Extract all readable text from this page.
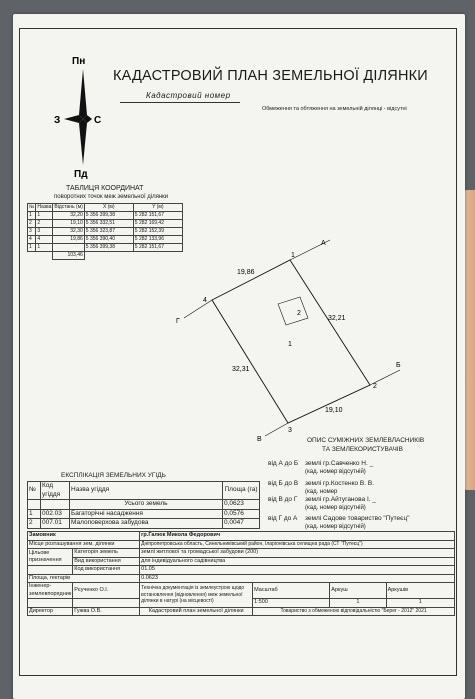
Пн
Пд
З	С
КАДАСТРОВИЙ ПЛАН ЗЕМЕЛЬНОЇ ДІЛЯНКИ
Кадастровий номер
Обмеження та обтяження на земельній ділянці - відсутні
ТАБЛИЦЯ КООРДИНАТ
поворотних точок меж земельної ділянки
№	Назва	Відстань (м)	X (м)	Y (м)
1	1	32,20	5 356 399,38	5 282 151,67
2	2	19,10	5 356 332,51	5 282 169,42
3	3	32,30	5 356 323,87	5 282 152,39
4	4	19,86	5 356 390,40	5 282 133,96
1	1		5 356 399,38	5 282 151,67
		103,46			1
2
3
4
А
Б
В
Г
19,86
32,21
32,31
19,10
2
1
ОПИС СУМІЖНИХ ЗЕМЛЕВЛАСНИКІВ
ТА ЗЕМЛЕКОРИСТУВАЧІВ
від А до Б землі гр.Савченко Н. _
(кад. номер відсутній)
від Б до В землі гр.Костенко В. В.
(кад. номер
від В до Г землі гр.Айтуганова І. _
(кад. номер відсутній)
від Г до А землі Садове товариство "Путеєц"
(кад. номер відсутній)
ЕКСПЛІКАЦІЯ ЗЕМЕЛЬНИХ УГІДЬ
№	Код угіддя	Назва угіддя	Площа (га)
		Усього земель	0,0623
1	002.03	Багаторічні насадження	0,0576
2	007.01	Малоповерхова забудова	0,0047
Замовник		гр.Галюк Микола Федорович			
Місце розташування зем. ділянки		Дніпропетровська область, Синельниківський район, Іларіонівська селищна рада (СТ "Путеєц")			
Цільове призначення	Категорія земель	землі житлової та громадської забудови (200)			
	Вид використання	для індивідуального садівництва			
	Код використання	01.05			
Площа, гектарів		0.0623			
Інженер-землевпорядник	Рєученко О.І.	Технічна документація із землеустрою щодо встановлення (відновлення) меж земельної ділянки в натурі (на місцевості)	Масштаб	Аркуш	Аркушів
			1:500	1	1
Директор	Гужва О.В.	Кадастровий план земельної ділянки	Товариство з обмеженою відповідальністю "Берег - 2012" 2021		
